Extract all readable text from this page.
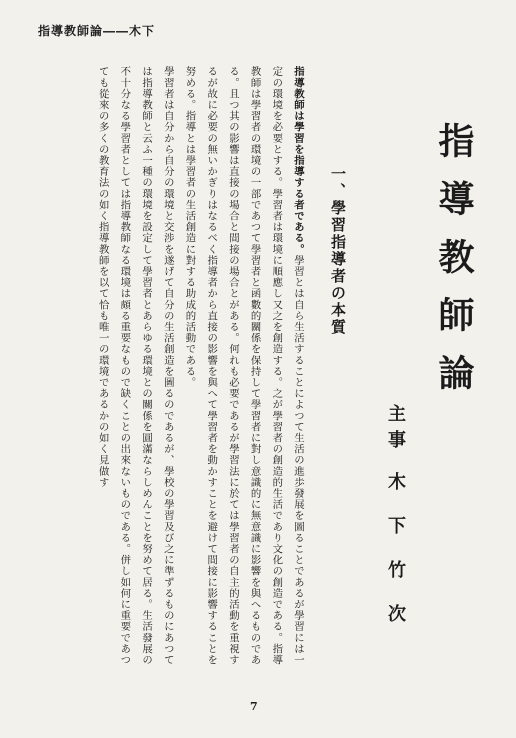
指導教師論――木下
指導教師論
主事木下竹次
一、學習指導者の本質

指導教師は學習を指導する者である。學習とは自ら生活することによつて生活の進歩發展を圖ることであるが學習には一定の環境を必要とする。學習者は環境に順應し又之を創造する。之が學習者の創造的生活であり文化の創造である。指導教師は學習者の環境の一部であつて學習者と函數的關係を保持して學習者に對し意識的に無意識に影響を與へるものである。且つ其の影響は直接の場合と間接の場合とがある。何れも必要であるが學習法に於ては學習者の自主的活動を重視するが故に必要の無いかぎりはなるべく指導者から直接の影響を與へて學習者を動かすことを避けて間接に影響することを努める。指導とは學習者の生活創造に對する助成的活動である。

學習者は自分から自分の環境と交渉を遂げて自分の生活創造を圖るのであるが、學校の學習及び之に準ずるものにあつては指導教師と云ふ一種の環境を設定して學習者とあらゆる環境との關係を圓滿ならしめんことを努めて居る。生活發展の不十分なる學習者としては指導教師なる環境は頗る重要なもので缺くことの出來ないものである。併し如何に重要であつても從來の多くの教育法の如く指導教師を以て恰も唯一の環境であるかの如く見做す

7
